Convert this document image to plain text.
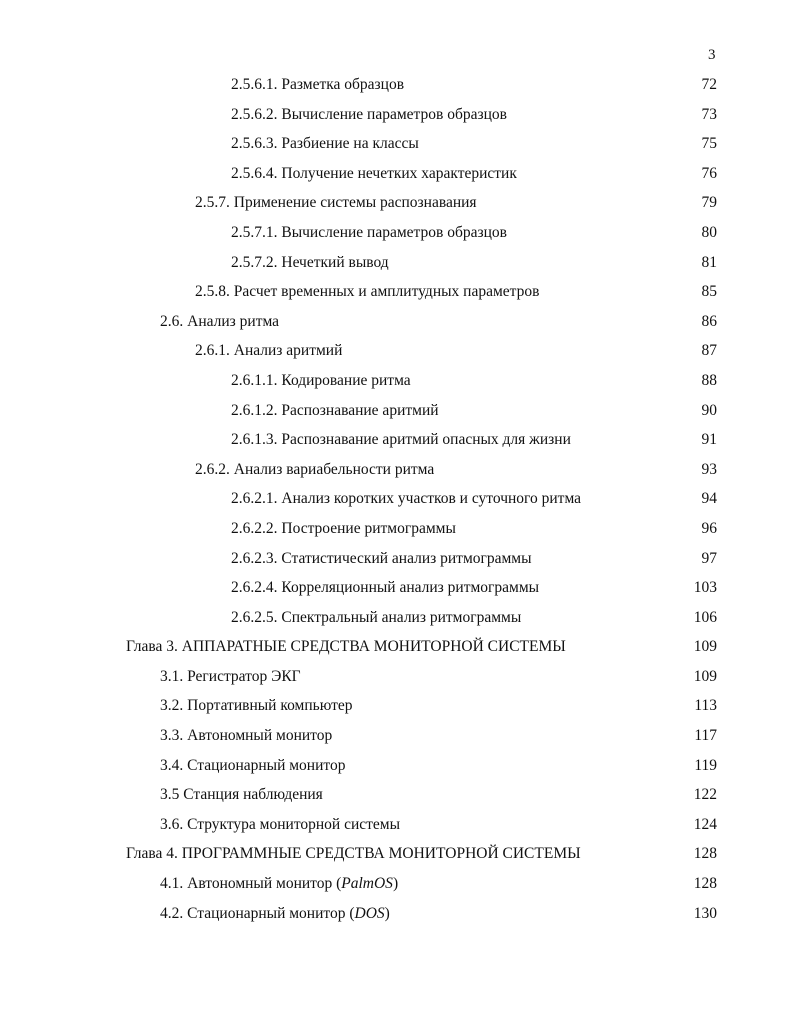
3
2.5.6.1. Разметка образцов	72
2.5.6.2. Вычисление параметров образцов	73
2.5.6.3. Разбиение на классы	75
2.5.6.4. Получение нечетких характеристик	76
2.5.7. Применение системы распознавания	79
2.5.7.1. Вычисление параметров образцов	80
2.5.7.2. Нечеткий вывод	81
2.5.8. Расчет временных и амплитудных параметров	85
2.6. Анализ ритма	86
2.6.1. Анализ аритмий	87
2.6.1.1. Кодирование ритма	88
2.6.1.2. Распознавание аритмий	90
2.6.1.3. Распознавание аритмий опасных для жизни	91
2.6.2. Анализ вариабельности ритма	93
2.6.2.1. Анализ коротких участков и суточного ритма	94
2.6.2.2. Построение ритмограммы	96
2.6.2.3. Статистический анализ ритмограммы	97
2.6.2.4. Корреляционный анализ ритмограммы	103
2.6.2.5. Спектральный анализ ритмограммы	106
Глава 3. АППАРАТНЫЕ СРЕДСТВА МОНИТОРНОЙ СИСТЕМЫ	109
3.1. Регистратор ЭКГ	109
3.2. Портативный компьютер	113
3.3. Автономный монитор	117
3.4. Стационарный монитор	119
3.5 Станция наблюдения	122
3.6. Структура мониторной системы	124
Глава 4. ПРОГРАММНЫЕ СРЕДСТВА МОНИТОРНОЙ СИСТЕМЫ	128
4.1. Автономный монитор (PalmOS)	128
4.2. Стационарный монитор (DOS)	130
